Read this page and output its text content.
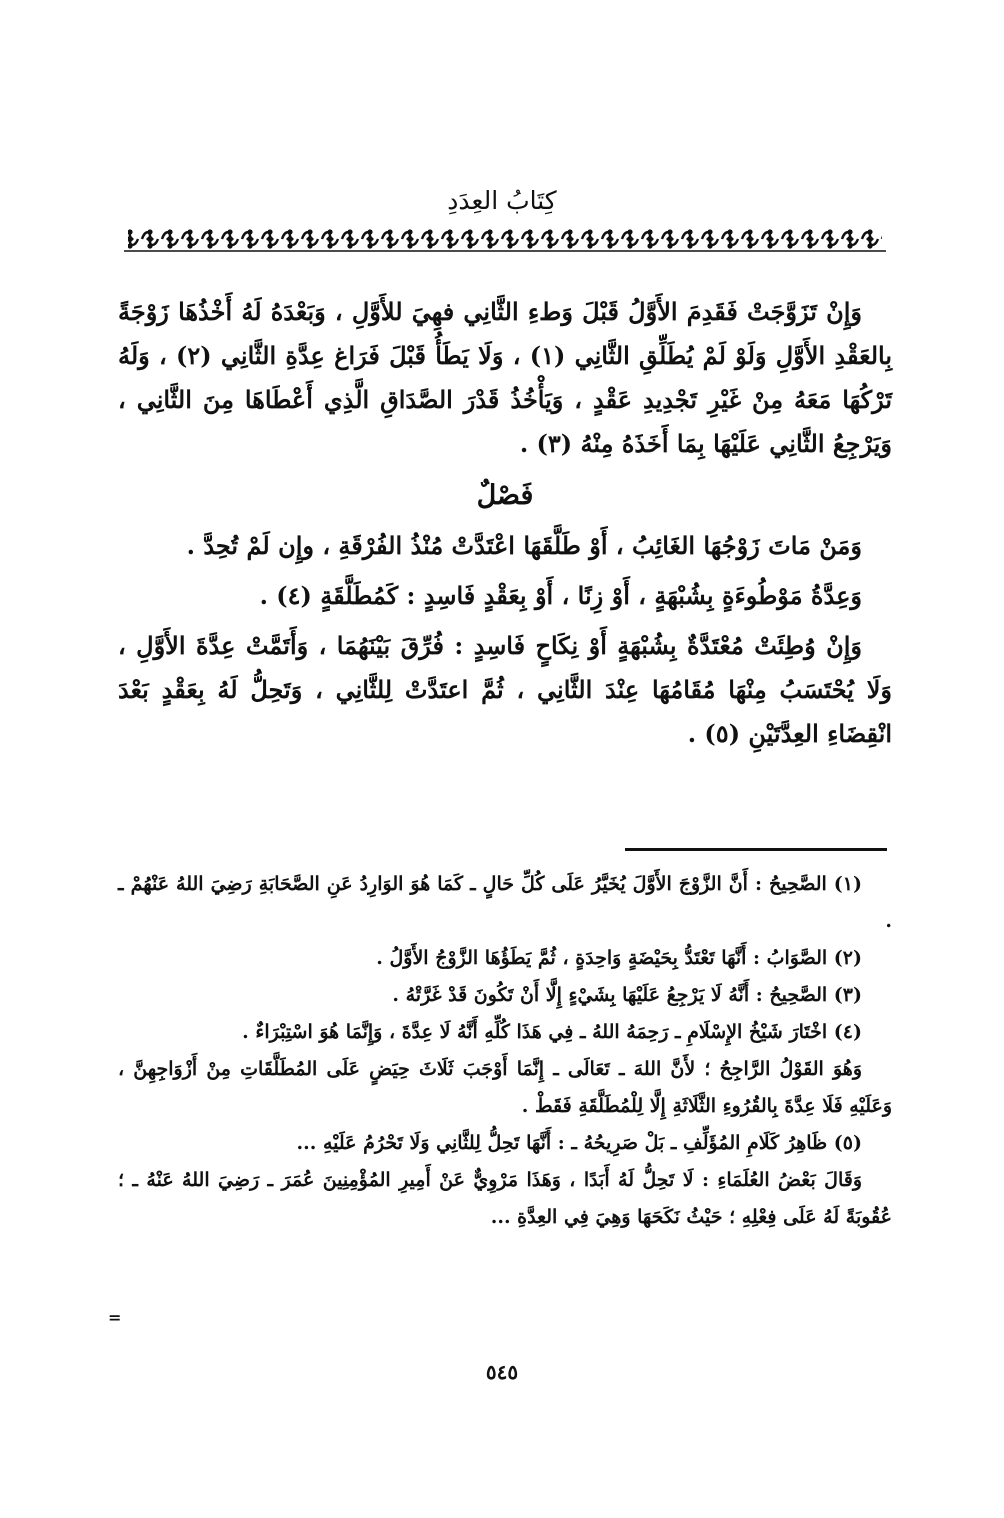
كِتَابُ العِدَدِ

وَإِنْ تَزَوَّجَتْ فَقَدِمَ الأَوَّلُ قَبْلَ وَطءِ الثَّانِي فهِيَ للأَوَّلِ ، وَبَعْدَهُ لَهُ أَخْذُهَا زَوْجَةً بِالعَقْدِ الأَوَّلِ وَلَوْ لَمْ يُطَلِّقِ الثَّانِي (١) ، وَلَا يَطَأُ قَبْلَ فَرَاغ عِدَّةِ الثَّانِي (٢) ، وَلَهُ تَرْكُهَا مَعَهُ مِنْ غَيْرِ تَجْدِيدِ عَقْدٍ ، وَيَأْخُذُ قَدْرَ الصَّدَاقِ الَّذِي أَعْطَاهَا مِنَ الثَّانِي ، وَيَرْجِعُ الثَّانِي عَلَيْهَا بِمَا أَخَذَهُ مِنْهُ (٣) .

فَصْلٌ

وَمَنْ مَاتَ زَوْجُهَا الغَائِبُ ، أَوْ طَلَّقَهَا اعْتَدَّتْ مُنْذُ الفُرْقَةِ ، وإِن لَمْ تُحِدَّ .

وَعِدَّةُ مَوْطُوءَةٍ بِشُبْهَةٍ ، أَوْ زِنًا ، أَوْ بِعَقْدٍ فَاسِدٍ : كَمُطَلَّقَةٍ (٤) .

وَإِنْ وُطِئَتْ مُعْتَدَّةٌ بِشُبْهَةٍ أَوْ نِكَاحٍ فَاسِدٍ : فُرِّقَ بَيْنَهُمَا ، وَأَتَمَّتْ عِدَّةَ الأَوَّلِ ، وَلَا يُحْتَسَبُ مِنْهَا مُقَامُهَا عِنْدَ الثَّانِي ، ثُمَّ اعتَدَّتْ لِلثَّانِي ، وَتَحِلُّ لَهُ بِعَقْدٍ بَعْدَ انْقِضَاءِ العِدَّتَيْنِ (٥) .

(١) الصَّحِيحُ : أَنَّ الزَّوْجَ الأَوَّلَ يُخَيَّرُ عَلَى كُلِّ حَالٍ ـ كَمَا هُوَ الوَارِدُ عَنِ الصَّحَابَةِ رَضِيَ اللهُ عَنْهُمْ ـ .

(٢) الصَّوَابُ : أَنَّهَا تَعْتَدُّ بِحَيْضَةٍ وَاحِدَةٍ ، ثُمَّ يَطَؤُهَا الزَّوْجُ الأَوَّلُ .

(٣) الصَّحِيحُ : أَنَّهُ لَا يَرْجِعُ عَلَيْهَا بِشَيْءٍ إِلَّا أَنْ تَكُونَ قَدْ غَرَّتْهُ .

(٤) اخْتَارَ شَيْخُ الإِسْلَامِ ـ رَحِمَهُ اللهُ ـ فِي هَذَا كُلِّهِ أَنَّهُ لَا عِدَّةَ ، وَإِنَّمَا هُوَ اسْتِبْرَاءٌ .

وَهُوَ القَوْلُ الرَّاجِحُ ؛ لأَنَّ اللهَ ـ تَعَالَى ـ إِنَّمَا أَوْجَبَ ثَلَاثَ حِيَضٍ عَلَى المُطَلَّقَاتِ مِنْ أَزْوَاجِهِنَّ ، وَعَلَيْهِ فَلَا عِدَّةَ بِالقُرُوءِ الثَّلَاثَةِ إِلَّا لِلْمُطَلَّقَةِ فَقَطْ .

(٥) ظَاهِرُ كَلَامِ المُؤَلِّفِ ـ بَلْ صَرِيحُهُ ـ : أَنَّهَا تَحِلُّ لِلثَّانِي وَلَا تَحْرُمُ عَلَيْهِ ...

وَقَالَ بَعْضُ العُلَمَاءِ : لَا تَحِلُّ لَهُ أَبَدًا ، وَهَذَا مَرْوِيٌّ عَنْ أَمِيرِ المُؤْمِنِينَ عُمَرَ ـ رَضِيَ اللهُ عَنْهُ ـ ؛ عُقُوبَةً لَهُ عَلَى فِعْلِهِ ؛ حَيْثُ نَكَحَهَا وَهِيَ فِي العِدَّةِ ...

=
٥٤٥
